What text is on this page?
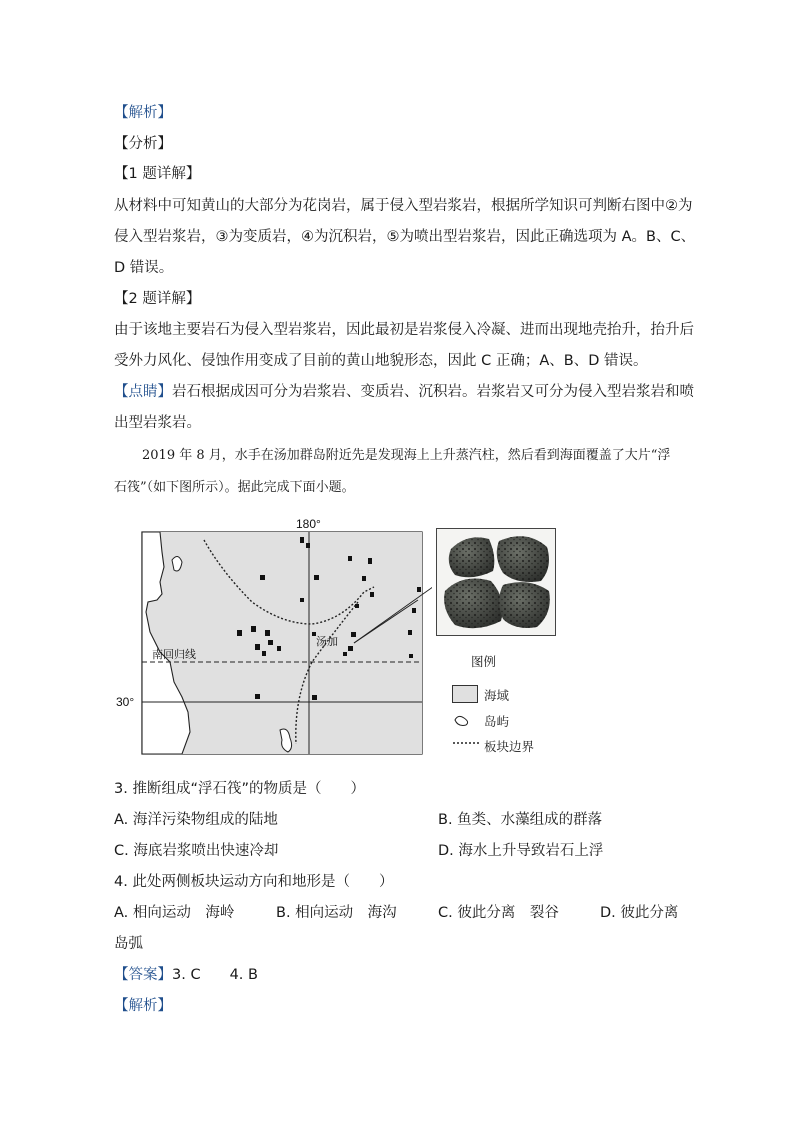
【解析】
【分析】
【1 题详解】
从材料中可知黄山的大部分为花岗岩，属于侵入型岩浆岩，根据所学知识可判断右图中②为
侵入型岩浆岩，③为变质岩，④为沉积岩，⑤为喷出型岩浆岩，因此正确选项为 A。B、C、
D 错误。
【2 题详解】
由于该地主要岩石为侵入型岩浆岩，因此最初是岩浆侵入冷凝、进而出现地壳抬升，抬升后
受外力风化、侵蚀作用变成了目前的黄山地貌形态，因此 C 正确；A、B、D 错误。
【点睛】岩石根据成因可分为岩浆岩、变质岩、沉积岩。岩浆岩又可分为侵入型岩浆岩和喷
出型岩浆岩。
2019 年 8 月，水手在汤加群岛附近先是发现海上上升蒸汽柱，然后看到海面覆盖了大片“浮
石筏”（如下图所示）。据此完成下面小题。
180°
30°
南回归线
汤加
图例
海域
岛屿
板块边界
3. 推断组成“浮石筏”的物质是（　　）
A. 海洋污染物组成的陆地	B. 鱼类、水藻组成的群落
C. 海底岩浆喷出快速冷却	D. 海水上升导致岩石上浮
4. 此处两侧板块运动方向和地形是（　　）
A. 相向运动　海岭	B. 相向运动　海沟	C. 彼此分离　裂谷	D. 彼此分离
岛弧
【答案】3. C　　4. B
【解析】
